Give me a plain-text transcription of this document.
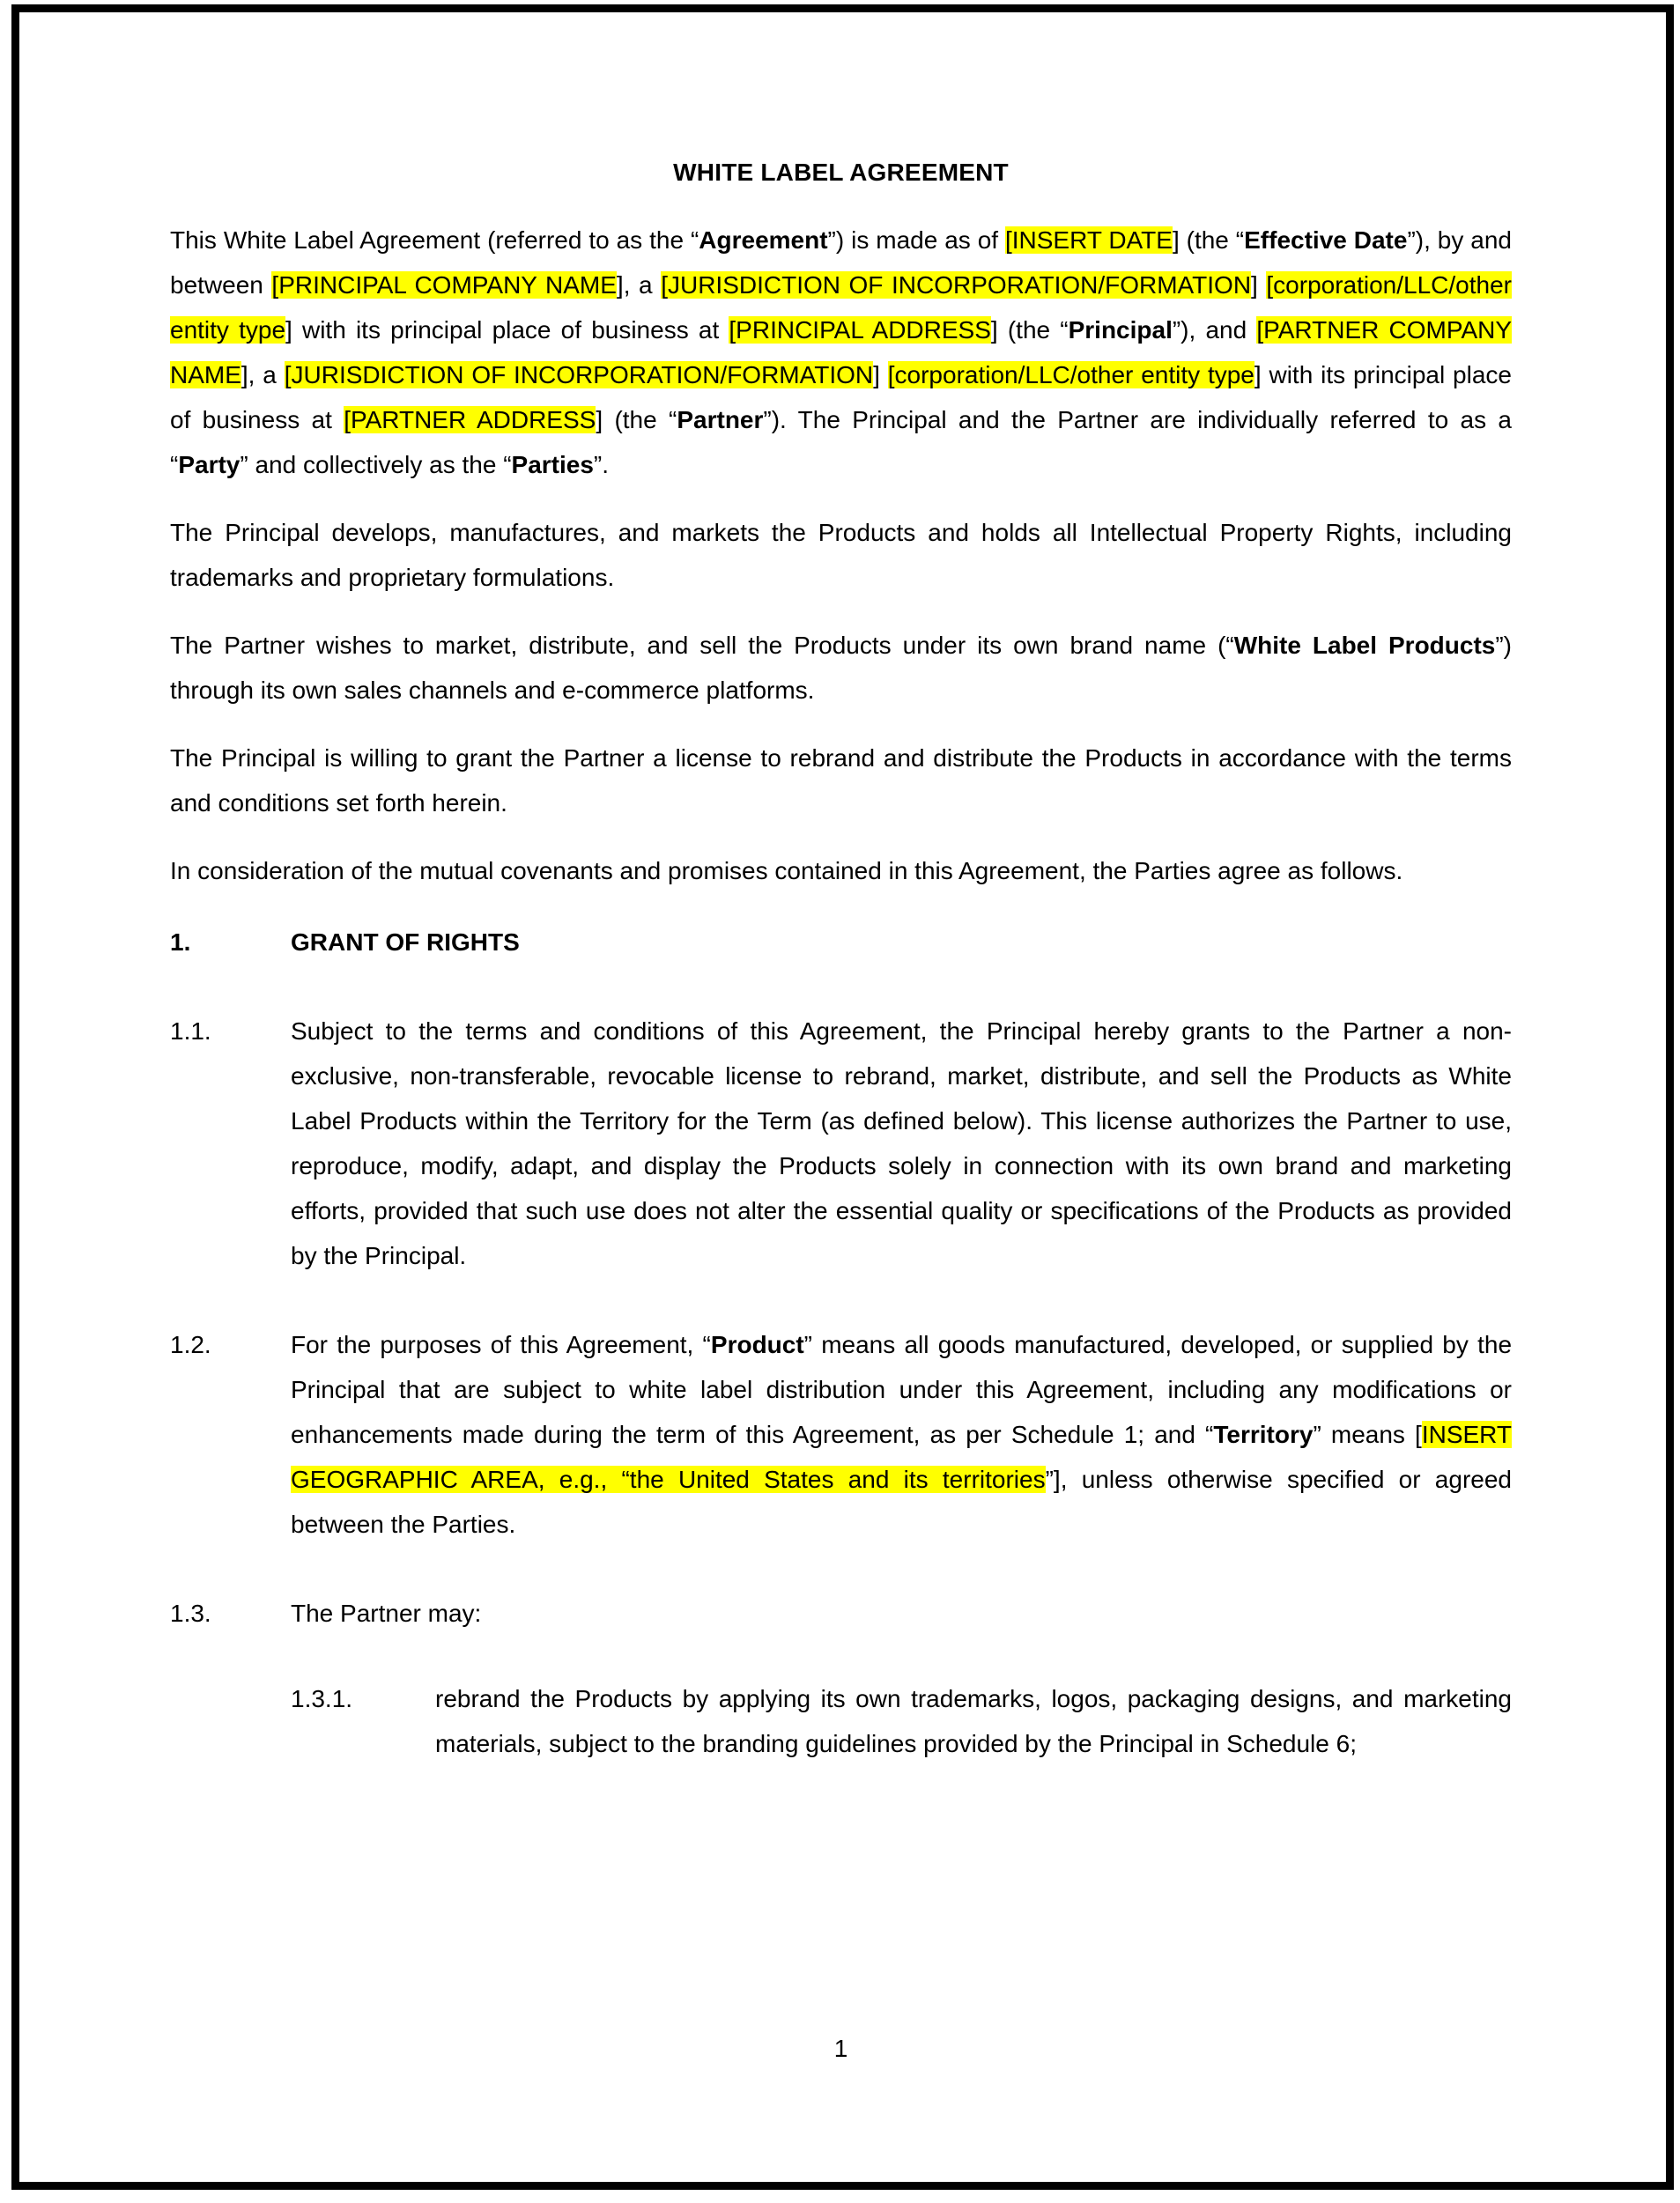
WHITE LABEL AGREEMENT
This White Label Agreement (referred to as the “Agreement”) is made as of [INSERT DATE] (the “Effective Date”), by and between [PRINCIPAL COMPANY NAME], a [JURISDICTION OF INCORPORATION/FORMATION] [corporation/LLC/other entity type] with its principal place of business at [PRINCIPAL ADDRESS] (the “Principal”), and [PARTNER COMPANY NAME], a [JURISDICTION OF INCORPORATION/FORMATION] [corporation/LLC/other entity type] with its principal place of business at [PARTNER ADDRESS] (the “Partner”). The Principal and the Partner are individually referred to as a “Party” and collectively as the “Parties”.
The Principal develops, manufactures, and markets the Products and holds all Intellectual Property Rights, including trademarks and proprietary formulations.
The Partner wishes to market, distribute, and sell the Products under its own brand name (“White Label Products”) through its own sales channels and e-commerce platforms.
The Principal is willing to grant the Partner a license to rebrand and distribute the Products in accordance with the terms and conditions set forth herein.
In consideration of the mutual covenants and promises contained in this Agreement, the Parties agree as follows.
1.	GRANT OF RIGHTS
1.1.	Subject to the terms and conditions of this Agreement, the Principal hereby grants to the Partner a non-exclusive, non-transferable, revocable license to rebrand, market, distribute, and sell the Products as White Label Products within the Territory for the Term (as defined below). This license authorizes the Partner to use, reproduce, modify, adapt, and display the Products solely in connection with its own brand and marketing efforts, provided that such use does not alter the essential quality or specifications of the Products as provided by the Principal.
1.2.	For the purposes of this Agreement, “Product” means all goods manufactured, developed, or supplied by the Principal that are subject to white label distribution under this Agreement, including any modifications or enhancements made during the term of this Agreement, as per Schedule 1; and “Territory” means [INSERT GEOGRAPHIC AREA, e.g., “the United States and its territories”], unless otherwise specified or agreed between the Parties.
1.3.	The Partner may:
1.3.1.	rebrand the Products by applying its own trademarks, logos, packaging designs, and marketing materials, subject to the branding guidelines provided by the Principal in Schedule 6;
1
